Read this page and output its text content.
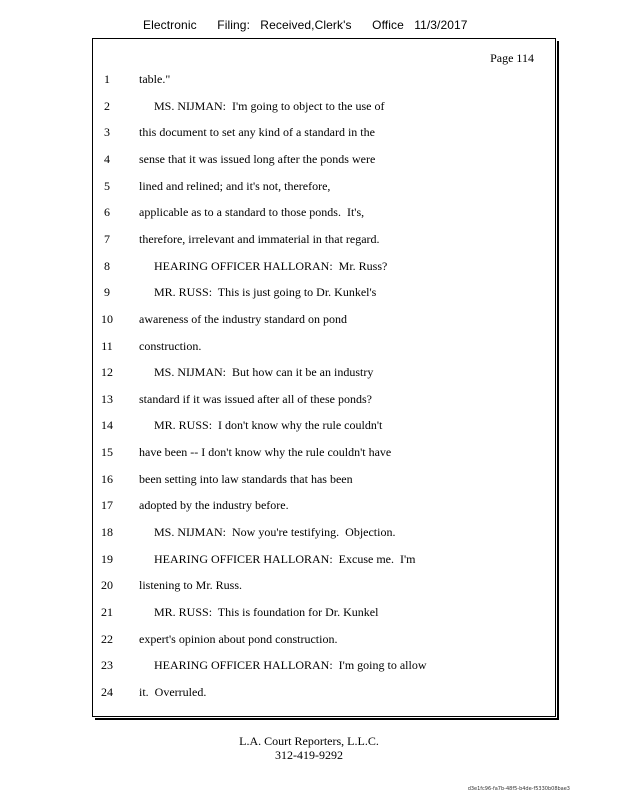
Electronic      Filing:   Received,Clerk's      Office   11/3/2017
Page 114
1	table."
2	MS. NIJMAN:  I'm going to object to the use of
3	this document to set any kind of a standard in the
4	sense that it was issued long after the ponds were
5	lined and relined; and it's not, therefore,
6	applicable as to a standard to those ponds.  It's,
7	therefore, irrelevant and immaterial in that regard.
8	HEARING OFFICER HALLORAN:  Mr. Russ?
9	MR. RUSS:  This is just going to Dr. Kunkel's
10	awareness of the industry standard on pond
11	construction.
12	MS. NIJMAN:  But how can it be an industry
13	standard if it was issued after all of these ponds?
14	MR. RUSS:  I don't know why the rule couldn't
15	have been -- I don't know why the rule couldn't have
16	been setting into law standards that has been
17	adopted by the industry before.
18	MS. NIJMAN:  Now you're testifying.  Objection.
19	HEARING OFFICER HALLORAN:  Excuse me.  I'm
20	listening to Mr. Russ.
21	MR. RUSS:  This is foundation for Dr. Kunkel
22	expert's opinion about pond construction.
23	HEARING OFFICER HALLORAN:  I'm going to allow
24	it.  Overruled.
L.A. Court Reporters, L.L.C.
312-419-9292
d3e1fc96-fa7b-48f5-b4de-f5330b08bae3
